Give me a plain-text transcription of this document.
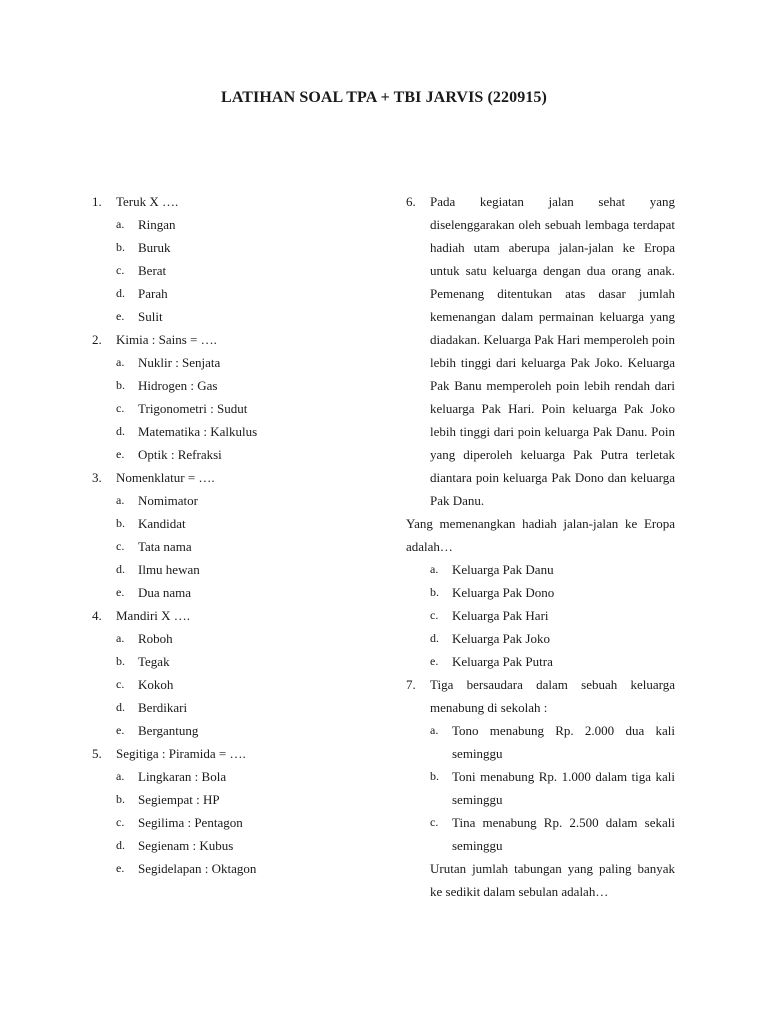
LATIHAN SOAL TPA + TBI JARVIS (220915)
1.	Teruk X ….
a.	Ringan
b.	Buruk
c.	Berat
d.	Parah
e.	Sulit
2.	Kimia : Sains = ….
a.	Nuklir : Senjata
b.	Hidrogen : Gas
c.	Trigonometri : Sudut
d.	Matematika : Kalkulus
e.	Optik : Refraksi
3.	Nomenklatur = ….
a.	Nomimator
b.	Kandidat
c.	Tata nama
d.	Ilmu hewan
e.	Dua nama
4.	Mandiri X ….
a.	Roboh
b.	Tegak
c.	Kokoh
d.	Berdikari
e.	Bergantung
5.	Segitiga : Piramida = ….
a.	Lingkaran : Bola
b.	Segiempat : HP
c.	Segilima : Pentagon
d.	Segienam : Kubus
e.	Segidelapan : Oktagon
6.	Pada kegiatan jalan sehat yang diselenggarakan oleh sebuah lembaga terdapat hadiah utam aberupa jalan-jalan ke Eropa untuk satu keluarga dengan dua orang anak. Pemenang ditentukan atas dasar jumlah kemenangan dalam permainan keluarga yang diadakan. Keluarga Pak Hari memperoleh poin lebih tinggi dari keluarga Pak Joko. Keluarga Pak Banu memperoleh poin lebih rendah dari keluarga Pak Hari. Poin keluarga Pak Joko lebih tinggi dari poin keluarga Pak Danu. Poin yang diperoleh keluarga Pak Putra terletak diantara poin keluarga Pak Dono dan keluarga Pak Danu.
Yang memenangkan hadiah jalan-jalan ke Eropa adalah…
a.	Keluarga Pak Danu
b.	Keluarga Pak Dono
c.	Keluarga Pak Hari
d.	Keluarga Pak Joko
e.	Keluarga Pak Putra
7.	Tiga bersaudara dalam sebuah keluarga menabung di sekolah :
a.	Tono menabung Rp. 2.000 dua kali seminggu
b.	Toni menabung Rp. 1.000 dalam tiga kali seminggu
c.	Tina menabung Rp. 2.500 dalam sekali seminggu
Urutan jumlah tabungan yang paling banyak ke sedikit dalam sebulan adalah…
